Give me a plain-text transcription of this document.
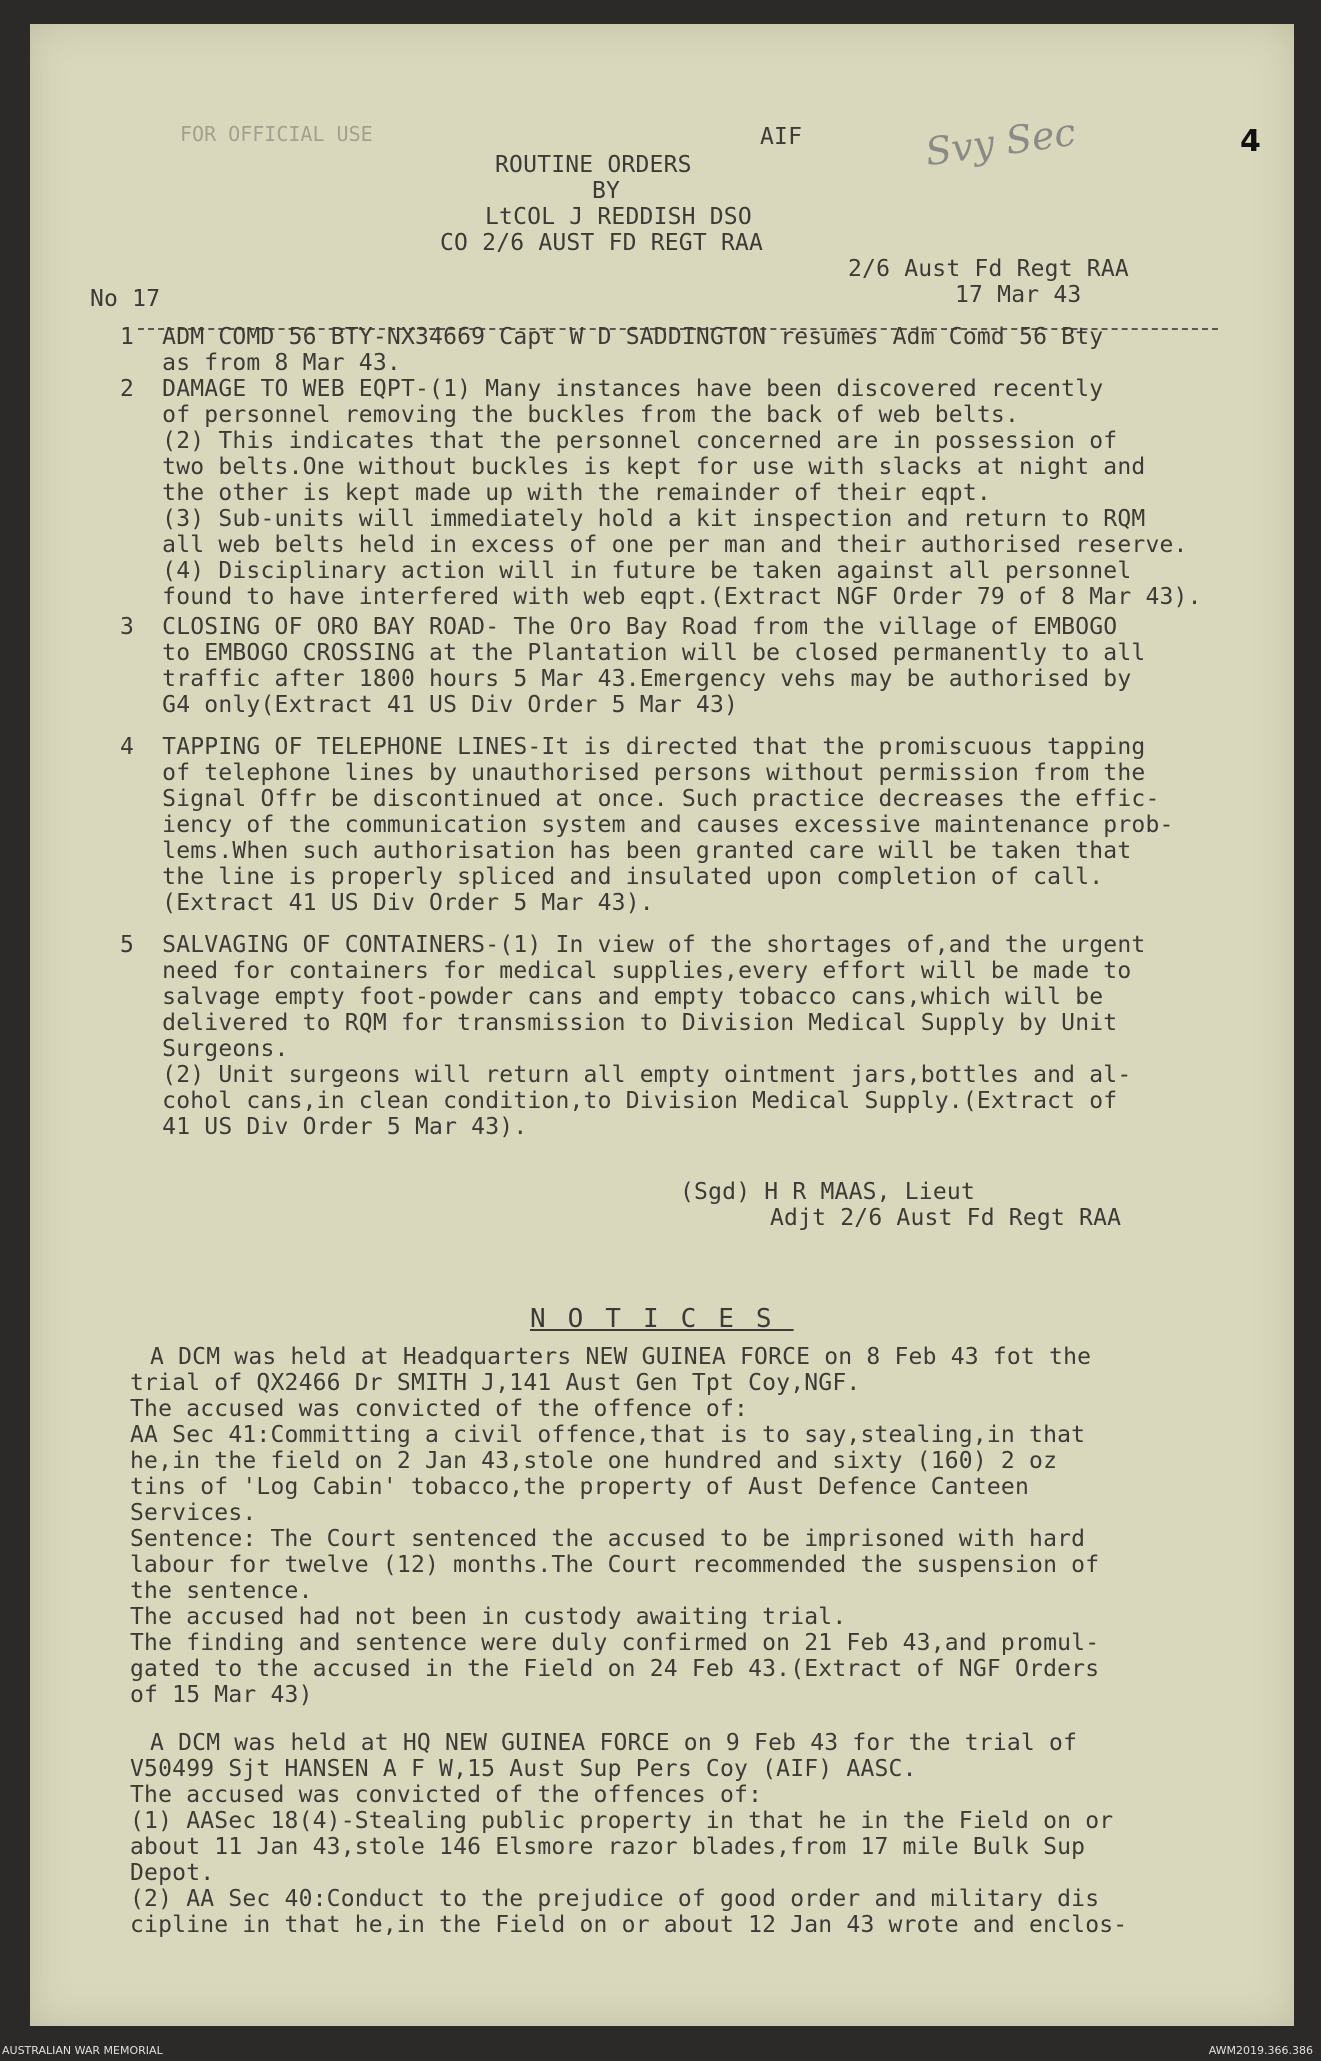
FOR OFFICIAL USE	4
Svy Sec
AIF
ROUTINE ORDERS
BY
LtCOL J REDDISH DSO
CO 2/6 AUST FD REGT RAA
2/6 Aust Fd Regt RAA
No 17	17 Mar 43
1  ADM COMD 56 BTY-NX34669 Capt W D SADDINGTON resumes Adm Comd 56 Bty
as from 8 Mar 43.
2  DAMAGE TO WEB EQPT-(1) Many instances have been discovered recently
of personnel removing the buckles from the back of web belts.
(2) This indicates that the personnel concerned are in possession of
two belts.One without buckles is kept for use with slacks at night and
the other is kept made up with the remainder of their eqpt.
(3) Sub-units will immediately hold a kit inspection and return to RQM
all web belts held in excess of one per man and their authorised reserve.
(4) Disciplinary action will in future be taken against all personnel
found to have interfered with web eqpt.(Extract NGF Order 79 of 8 Mar 43).
3  CLOSING OF ORO BAY ROAD- The Oro Bay Road from the village of EMBOGO
to EMBOGO CROSSING at the Plantation will be closed permanently to all
traffic after 1800 hours 5 Mar 43.Emergency vehs may be authorised by
G4 only(Extract 41 US Div Order 5 Mar 43)
4  TAPPING OF TELEPHONE LINES-It is directed that the promiscuous tapping
of telephone lines by unauthorised persons without permission from the
Signal Offr be discontinued at once. Such practice decreases the effic-
iency of the communication system and causes excessive maintenance prob-
lems.When such authorisation has been granted care will be taken that
the line is properly spliced and insulated upon completion of call.
(Extract 41 US Div Order 5 Mar 43).
5  SALVAGING OF CONTAINERS-(1) In view of the shortages of,and the urgent
need for containers for medical supplies,every effort will be made to
salvage empty foot-powder cans and empty tobacco cans,which will be
delivered to RQM for transmission to Division Medical Supply by Unit
Surgeons.
(2) Unit surgeons will return all empty ointment jars,bottles and al-
cohol cans,in clean condition,to Division Medical Supply.(Extract of
41 US Div Order 5 Mar 43).
(Sgd) H R MAAS, Lieut
Adjt 2/6 Aust Fd Regt RAA
NOTICES
A DCM was held at Headquarters NEW GUINEA FORCE on 8 Feb 43 fot the
trial of QX2466 Dr SMITH J,141 Aust Gen Tpt Coy,NGF.
The accused was convicted of the offence of:
AA Sec 41:Committing a civil offence,that is to say,stealing,in that
he,in the field on 2 Jan 43,stole one hundred and sixty (160) 2 oz
tins of 'Log Cabin' tobacco,the property of Aust Defence Canteen
Services.
Sentence: The Court sentenced the accused to be imprisoned with hard
labour for twelve (12) months.The Court recommended the suspension of
the sentence.
The accused had not been in custody awaiting trial.
The finding and sentence were duly confirmed on 21 Feb 43,and promul-
gated to the accused in the Field on 24 Feb 43.(Extract of NGF Orders
of 15 Mar 43)
A DCM was held at HQ NEW GUINEA FORCE on 9 Feb 43 for the trial of
V50499 Sjt HANSEN A F W,15 Aust Sup Pers Coy (AIF) AASC.
The accused was convicted of the offences of:
(1) AASec 18(4)-Stealing public property in that he in the Field on or
about 11 Jan 43,stole 146 Elsmore razor blades,from 17 mile Bulk Sup
Depot.
(2) AA Sec 40:Conduct to the prejudice of good order and military dis
cipline in that he,in the Field on or about 12 Jan 43 wrote and enclos-
AUSTRALIAN WAR MEMORIAL	AWM2019.366.386
